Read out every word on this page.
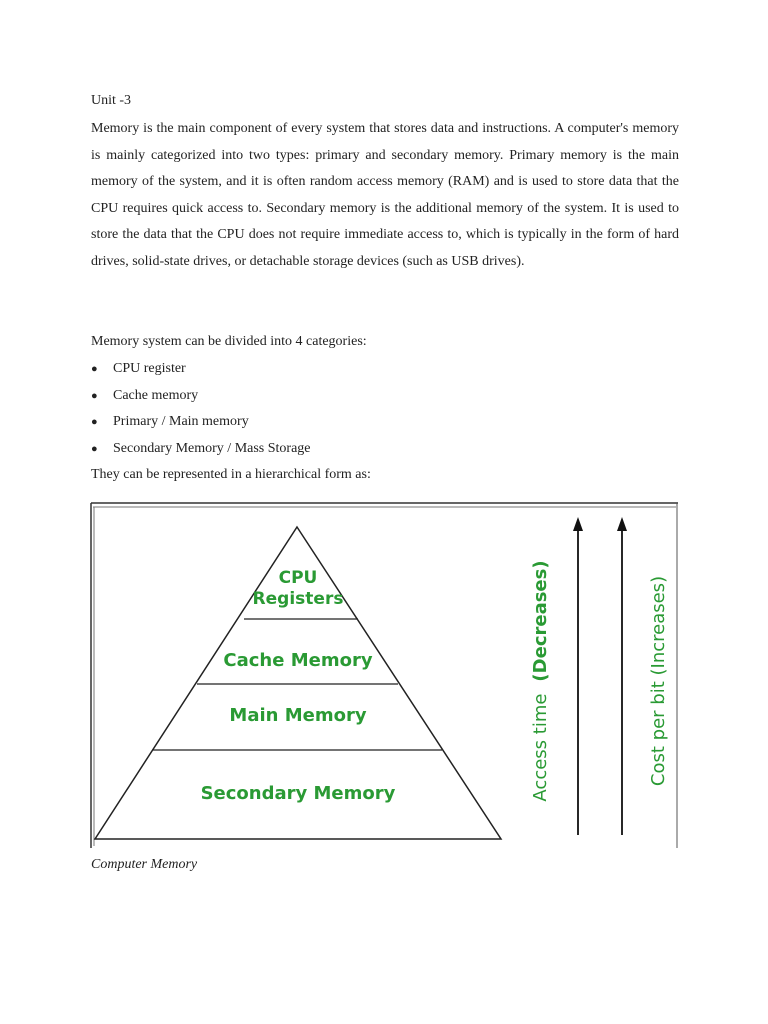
Unit -3

Memory is the main component of every system that stores data and instructions. A computer's memory is mainly categorized into two types: primary and secondary memory. Primary memory is the main memory of the system, and it is often random access memory (RAM) and is used to store data that the CPU requires quick access to. Secondary memory is the additional memory of the system. It is used to store the data that the CPU does not require immediate access to, which is typically in the form of hard drives, solid-state drives, or detachable storage devices (such as USB drives).

Memory system can be divided into 4 categories:

● CPU register
● Cache memory
● Primary / Main memory
● Secondary Memory / Mass Storage

They can be represented in a hierarchical form as:

CPU
Registers
Cache Memory
Main Memory
Secondary Memory	Access time(Decreases)	Cost per bit (Increases)

Computer Memory
